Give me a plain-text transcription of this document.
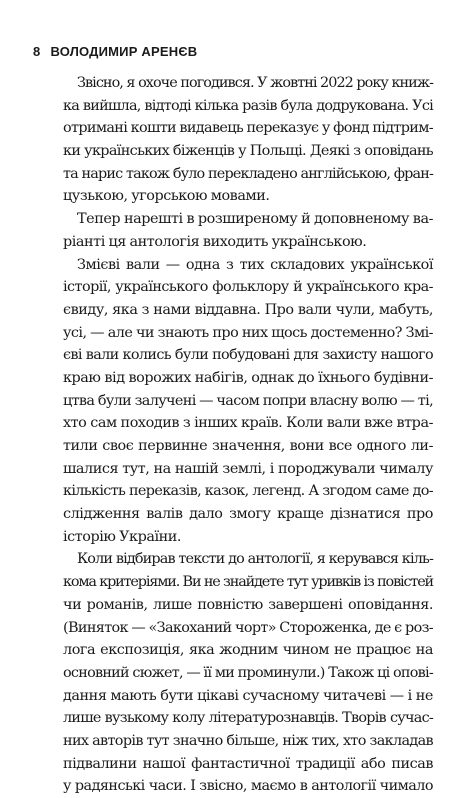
8 ВОЛОДИМИР АРЕНЄВ
Звісно, я охоче погодився. У жовтні 2022 року книж-
ка вийшла, відтоді кілька разів була додрукована. Усі
отримані кошти видавець переказує у фонд підтрим-
ки українських біженців у Польщі. Деякі з оповідань
та нарис також було перекладено англійською, фран-
цузькою, угорською мовами.
Тепер нарешті в розширеному й доповненому ва-
ріанті ця антологія виходить українською.
Змієві вали — одна з тих складових української
історії, українського фольклору й українського кра-
євиду, яка з нами віддавна. Про вали чули, мабуть,
усі, — але чи знають про них щось достеменно? Змі-
єві вали колись були побудовані для захисту нашого
краю від ворожих набігів, однак до їхнього будівни-
цтва були залучені — часом попри власну волю — ті,
хто сам походив з інших країв. Коли вали вже втра-
тили своє первинне значення, вони все одного ли-
шалися тут, на нашій землі, і породжували чималу
кількість переказів, казок, легенд. А згодом саме до-
слідження валів дало змогу краще дізнатися про
історію України.
Коли відбирав тексти до антології, я керувався кіль-
кома критеріями. Ви не знайдете тут уривків із повістей
чи романів, лише повністю завершені оповідання.
(Виняток — «Закоханий чорт» Стороженка, де є роз-
лога експозиція, яка жодним чином не працює на
основний сюжет, — її ми проминули.) Також ці опові-
дання мають бути цікаві сучасному читачеві — і не
лише вузькому колу літературознавців. Творів сучас-
них авторів тут значно більше, ніж тих, хто закладав
підвалини нашої фантастичної традиції або писав
у радянські часи. І звісно, маємо в антології чимало
